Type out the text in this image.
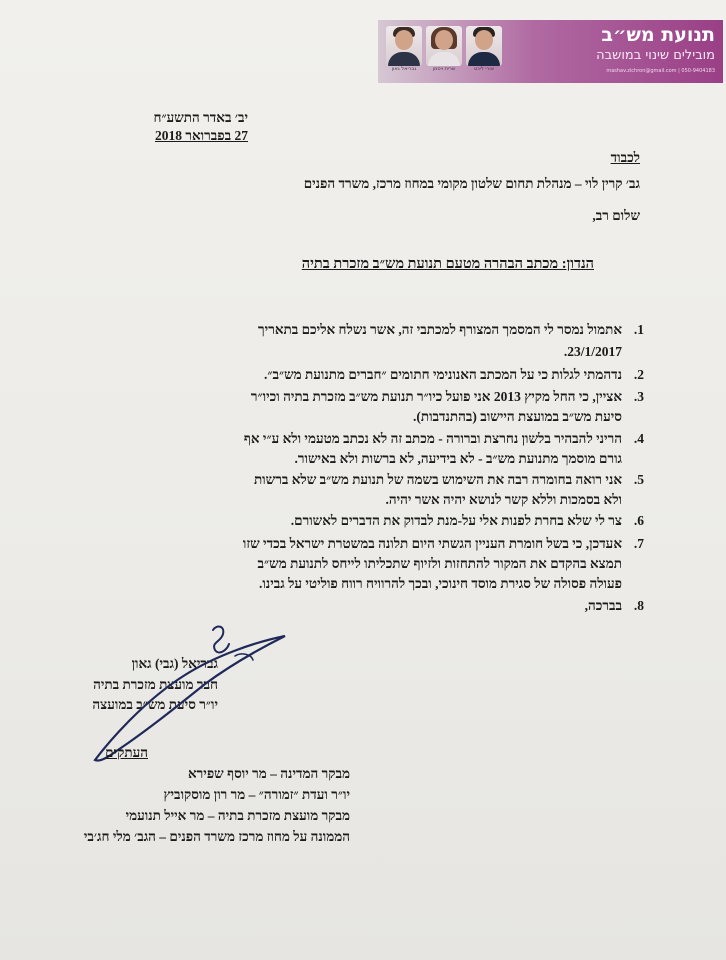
גבריאל גאון	שרית ויסמן	אורי ליכט
תנועת מש״ב
מובילים שינוי במושבה
mashav.zichron@gmail.com | 050-9404183
יב׳ באדר התשע״ח
27 בפברואר 2018
לכבוד
גב׳ קרין לוי – מנהלת תחום שלטון מקומי במחוז מרכז, משרד הפנים
שלום רב,
הנדון: מכתב הבהרה מטעם תנועת מש״ב מזכרת בתיה
1.
אתמול נמסר לי המסמך המצורף למכתבי זה, אשר נשלח אליכם בתאריך
23/1/2017.
2.
נדהמתי לגלות כי על המכתב האנונימי חתומים ״חברים מתנועת מש״ב״.
3.
אציין, כי החל מקיץ 2013 אני פועל כיו״ר תנועת מש״ב מזכרת בתיה וכיו״ר
סיעת מש״ב במועצת היישוב (בהתנדבות).
4.
הריני להבהיר בלשון נחרצת וברורה - מכתב זה לא נכתב מטעמי ולא ע״י אף
גורם מוסמך מתנועת מש״ב - לא בידיעה, לא ברשות ולא באישור.
5.
אני רואה בחומרה רבה את השימוש בשמה של תנועת מש״ב שלא ברשות
ולא בסמכות וללא קשר לנושא יהיה אשר יהיה.
6.
צר לי שלא בחרת לפנות אלי על-מנת לבדוק את הדברים לאשורם.
7.
אעדכן, כי בשל חומרת העניין הגשתי היום תלונה במשטרת ישראל בכדי שזו
תמצא בהקדם את המקור להתחזות ולזיוף שתכליתו לייחס לתנועת מש״ב
פעולה פסולה של סגירת מוסד חינוכי, ובכך להרוויח רווח פוליטי על גבינו.
8.
בברכה,
גבריאל (גבי) גאון
חבר מועצת מזכרת בתיה
יו״ר סיעת מש״ב במועצה
העתקים
מבקר המדינה – מר יוסף שפירא
יו״ר ועדת ״זמורה״ – מר רון מוסקוביץ
מבקר מועצת מזכרת בתיה – מר אייל תנועמי
הממונה על מחוז מרכז משרד הפנים – הגב׳ מלי חג׳בי
